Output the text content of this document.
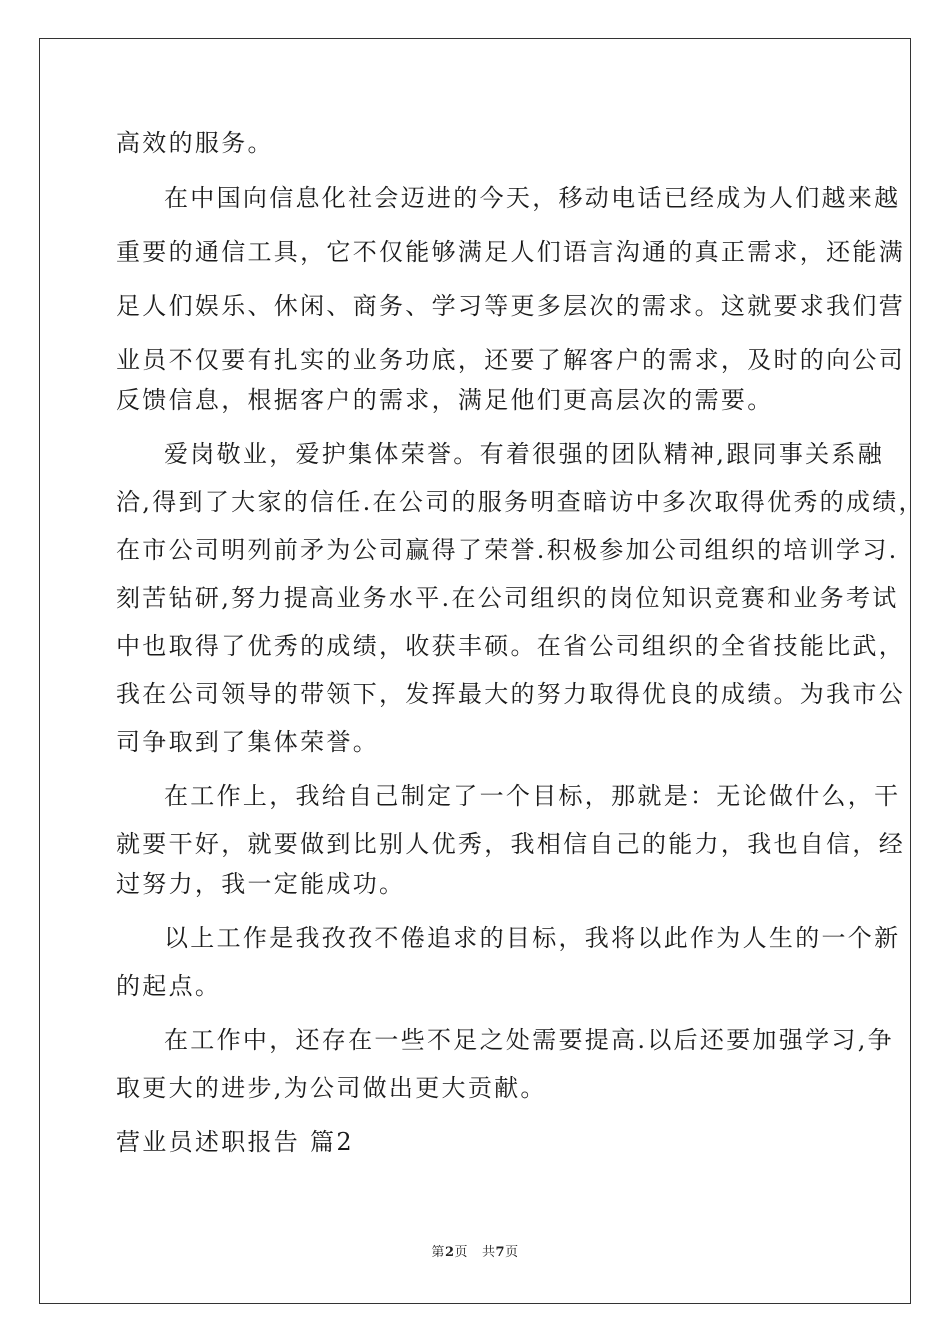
高效的服务。
在中国向信息化社会迈进的今天，移动电话已经成为人们越来越
重要的通信工具，它不仅能够满足人们语言沟通的真正需求，还能满
足人们娱乐、休闲、商务、学习等更多层次的需求。这就要求我们营
业员不仅要有扎实的业务功底，还要了解客户的需求，及时的向公司
反馈信息，根据客户的需求，满足他们更高层次的需要。
爱岗敬业，爱护集体荣誉。有着很强的团队精神,跟同事关系融
洽,得到了大家的信任.在公司的服务明查暗访中多次取得优秀的成绩，
在市公司明列前矛为公司赢得了荣誉.积极参加公司组织的培训学习.
刻苦钻研,努力提高业务水平.在公司组织的岗位知识竞赛和业务考试
中也取得了优秀的成绩，收获丰硕。在省公司组织的全省技能比武，
我在公司领导的带领下，发挥最大的努力取得优良的成绩。为我市公
司争取到了集体荣誉。
在工作上，我给自己制定了一个目标，那就是：无论做什么，干
就要干好，就要做到比别人优秀，我相信自己的能力，我也自信，经
过努力，我一定能成功。
以上工作是我孜孜不倦追求的目标，我将以此作为人生的一个新
的起点。
在工作中，还存在一些不足之处需要提高.以后还要加强学习,争
取更大的进步,为公司做出更大贡献。
营业员述职报告 篇2
第2页 共7页
